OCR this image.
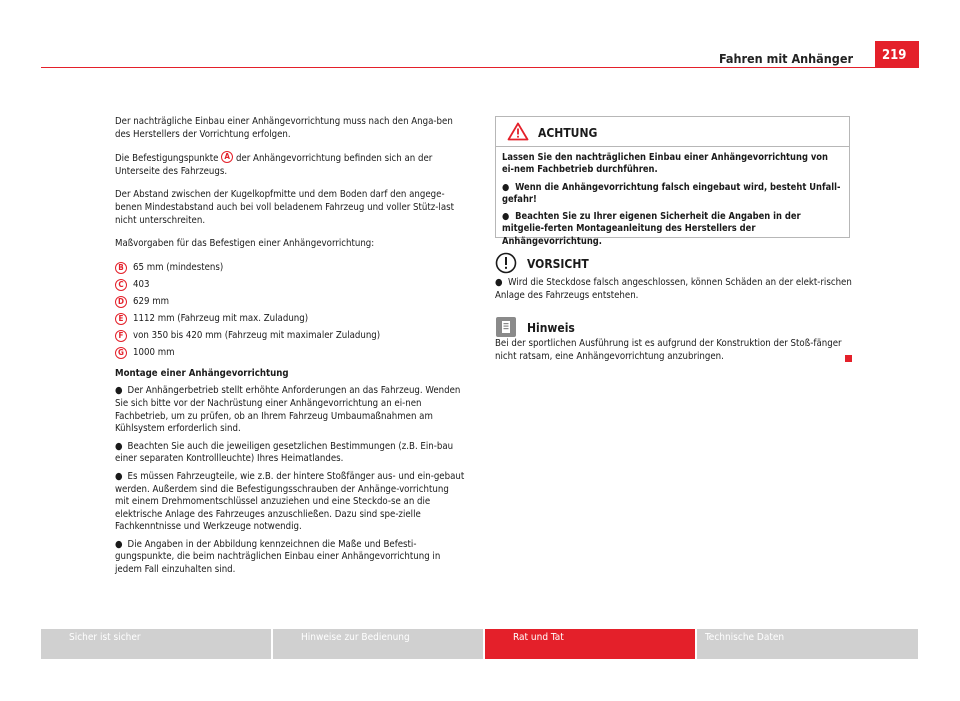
Fahren mit Anhänger	219

Der nachträgliche Einbau einer Anhängevorrichtung muss nach den Anga-ben des Herstellers der Vorrichtung erfolgen.

Die Befestigungspunkte A der Anhängevorrichtung befinden sich an der Unterseite des Fahrzeugs.

Der Abstand zwischen der Kugelkopfmitte und dem Boden darf den angege-benen Mindestabstand auch bei voll beladenem Fahrzeug und voller Stütz-last nicht unterschreiten.

Maßvorgaben für das Befestigen einer Anhängevorrichtung:

B 65 mm (mindestens)
C 403
D 629 mm
E 1112 mm (Fahrzeug mit max. Zuladung)
F von 350 bis 420 mm (Fahrzeug mit maximaler Zuladung)
G 1000 mm
Montage einer Anhängevorrichtung
● Der Anhängerbetrieb stellt erhöhte Anforderungen an das Fahrzeug. Wenden Sie sich bitte vor der Nachrüstung einer Anhängevorrichtung an ei-nen Fachbetrieb, um zu prüfen, ob an Ihrem Fahrzeug Umbaumaßnahmen am Kühlsystem erforderlich sind.
● Beachten Sie auch die jeweiligen gesetzlichen Bestimmungen (z.B. Ein-bau einer separaten Kontrollleuchte) Ihres Heimatlandes.
● Es müssen Fahrzeugteile, wie z.B. der hintere Stoßfänger aus- und ein-gebaut werden. Außerdem sind die Befestigungsschrauben der Anhänge-vorrichtung mit einem Drehmomentschlüssel anzuziehen und eine Steckdo-se an die elektrische Anlage des Fahrzeuges anzuschließen. Dazu sind spe-zielle Fachkenntnisse und Werkzeuge notwendig.
● Die Angaben in der Abbildung kennzeichnen die Maße und Befesti-gungspunkte, die beim nachträglichen Einbau einer Anhängevorrichtung in jedem Fall einzuhalten sind.
ACHTUNG

Lassen Sie den nachträglichen Einbau einer Anhängevorrichtung von ei-nem Fachbetrieb durchführen.

● Wenn die Anhängevorrichtung falsch eingebaut wird, besteht Unfall-gefahr!

● Beachten Sie zu Ihrer eigenen Sicherheit die Angaben in der mitgelie-ferten Montageanleitung des Herstellers der Anhängevorrichtung.

VORSICHT
● Wird die Steckdose falsch angeschlossen, können Schäden an der elekt-rischen Anlage des Fahrzeugs entstehen.
Hinweis
Bei der sportlichen Ausführung ist es aufgrund der Konstruktion der Stoß-fänger nicht ratsam, eine Anhängevorrichtung anzubringen.
Sicher ist sicher	Hinweise zur Bedienung	Rat und Tat	Technische Daten
